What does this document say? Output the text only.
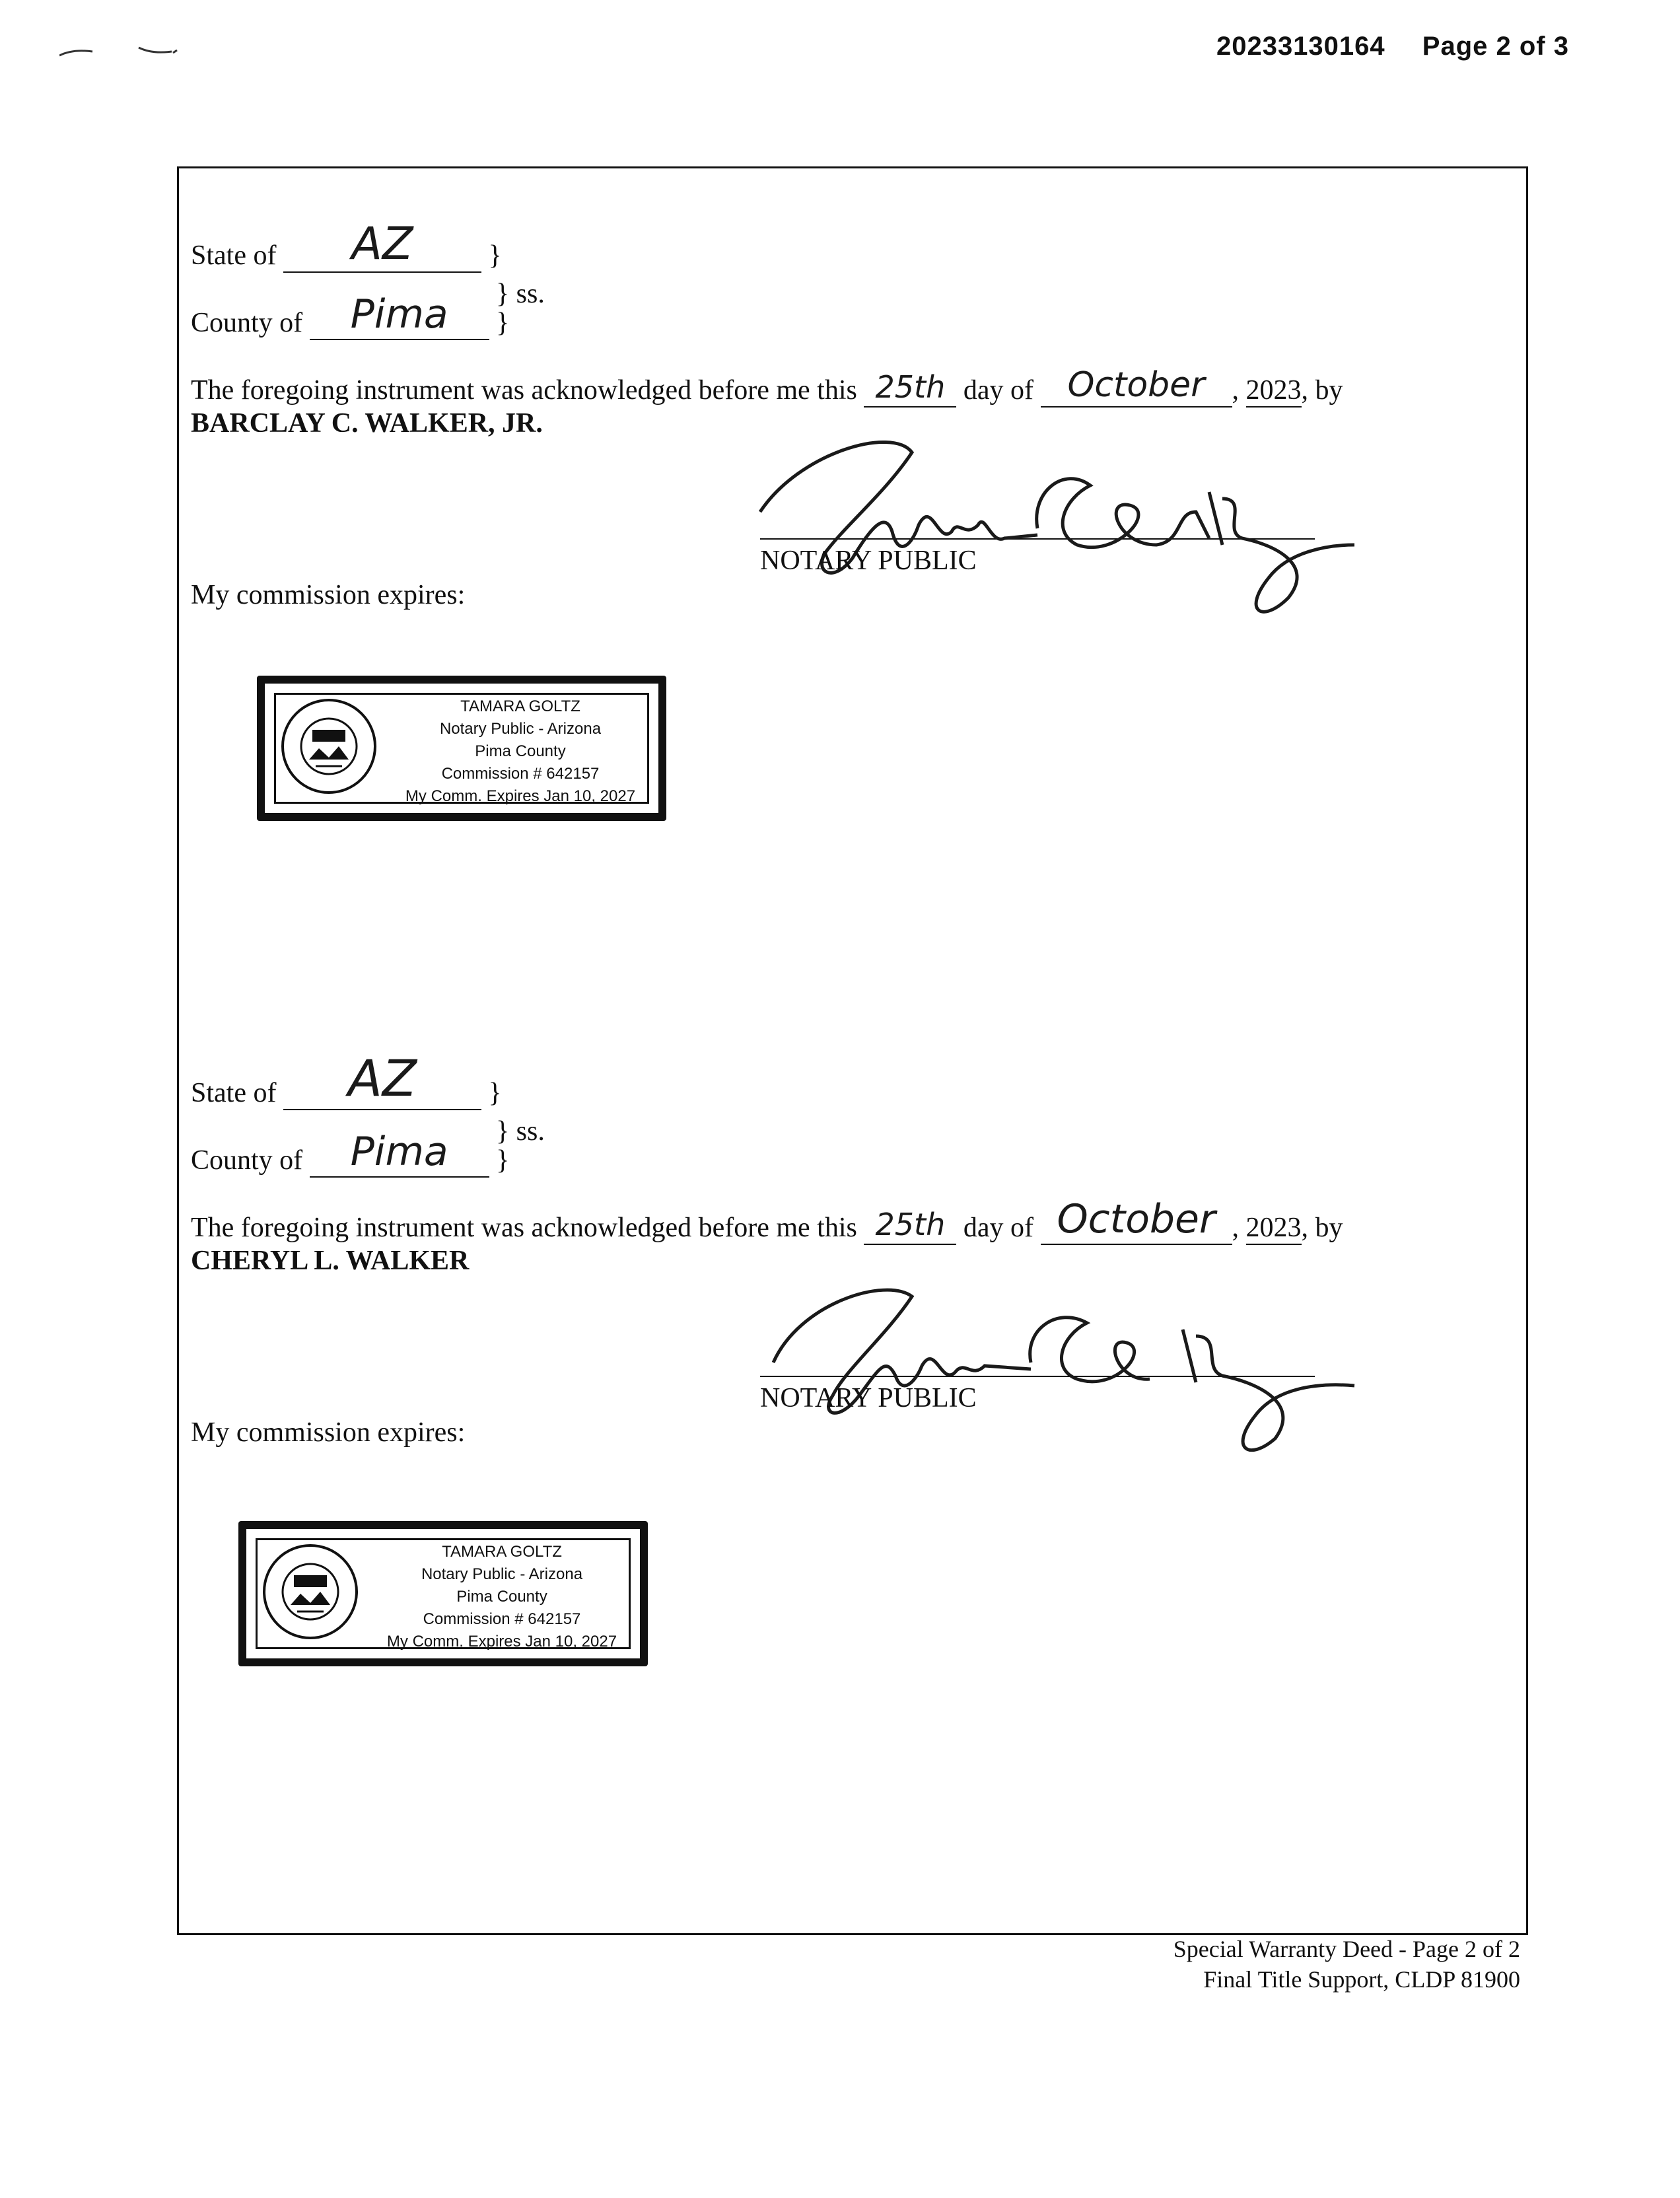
20233130164 Page 2 of 3
State of	AZ	}
} ss.
County of	Pima	}
The foregoing instrument was acknowledged before me this 25th day of October , 2023, by
BARCLAY C. WALKER, JR.
NOTARY PUBLIC
My commission expires:
TAMARA GOLTZ
Notary Public - Arizona
Pima County
Commission # 642157
My Comm. Expires Jan 10, 2027
State of	AZ	}
} ss.
County of	Pima	}
The foregoing instrument was acknowledged before me this 25th day of October , 2023, by
CHERYL L. WALKER
NOTARY PUBLIC
My commission expires:
TAMARA GOLTZ
Notary Public - Arizona
Pima County
Commission # 642157
My Comm. Expires Jan 10, 2027
Special Warranty Deed - Page 2 of 2
Final Title Support, CLDP 81900
